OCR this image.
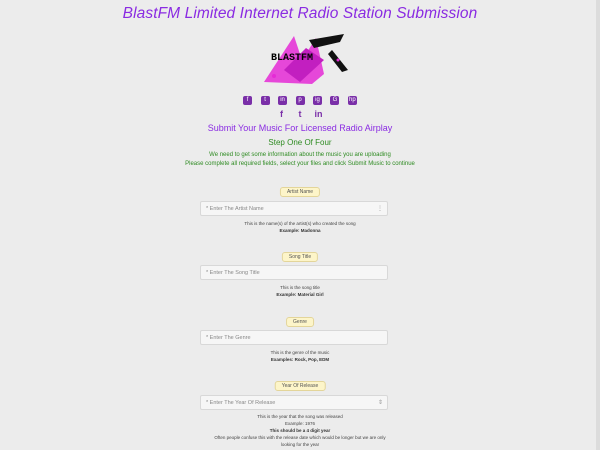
BlastFM Limited Internet Radio Station Submission
BLASTFM
f	t in p ig G hp
f t in
Submit Your Music For Licensed Radio Airplay
Step One Of Four
We need to get some information about the music you are uploading
Please complete all required fields, select your files and click Submit Music to continue
Artist Name
* Enter The Artist Name	⋮
This is the name(s) of the artist(s) who created the song
Example: Madonna
Song Title
* Enter The Song Title
This is the song title
Example: Material Girl
Genre
* Enter The Genre
This is the genre of the music
Examples: Rock, Pop, EDM
Year Of Release
* Enter The Year Of Release	⇕
This is the year that the song was released
Example: 1976
This should be a 4 digit year
Often people confuse this with the release date which would be longer but we are only
looking for the year
